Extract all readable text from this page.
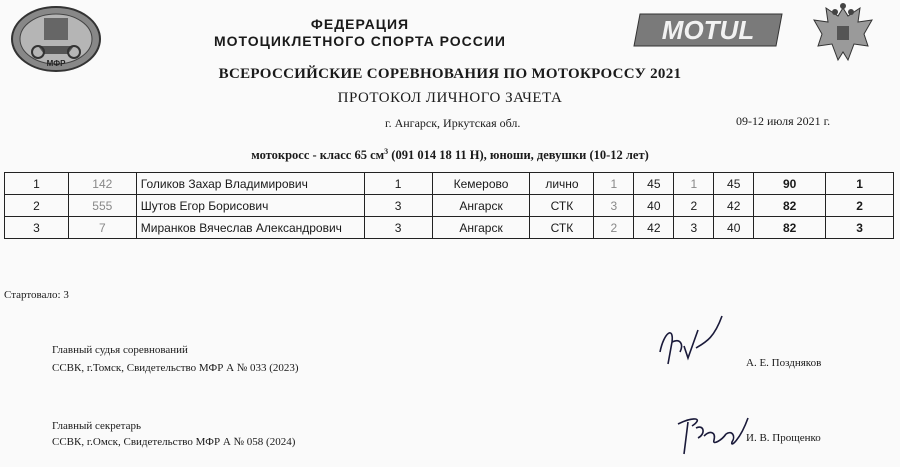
МФР
ФЕДЕРАЦИЯ
МОТОЦИКЛЕТНОГО СПОРТА РОССИИ	MOTUL
ВСЕРОССИЙСКИЕ СОРЕВНОВАНИЯ ПО МОТОКРОССУ 2021
ПРОТОКОЛ ЛИЧНОГО ЗАЧЕТА
г. Ангарск, Иркутская обл.	09-12 июля 2021 г.
мотокросс - класс 65 $см^3$ (091 014 18 11 Н), юноши, девушки (10-12 лет)
1	142	Голиков Захар Владимирович	1	Кемерово	лично	1	45	1	45	90	1
2	555	Шутов Егор Борисович	3	Ангарск	СТК	3	40	2	42	82	2
3	7	Миранков Вячеслав Александрович	3	Ангарск	СТК	2	42	3	40	82	3
Стартовало: 3
Главный судья соревнований
ССВК, г.Томск, Свидетельство МФР А № 033 (2023)	А. Е. Поздняков
Главный секретарь
ССВК, г.Омск, Свидетельство МФР А № 058 (2024)	И. В. Прощенко
